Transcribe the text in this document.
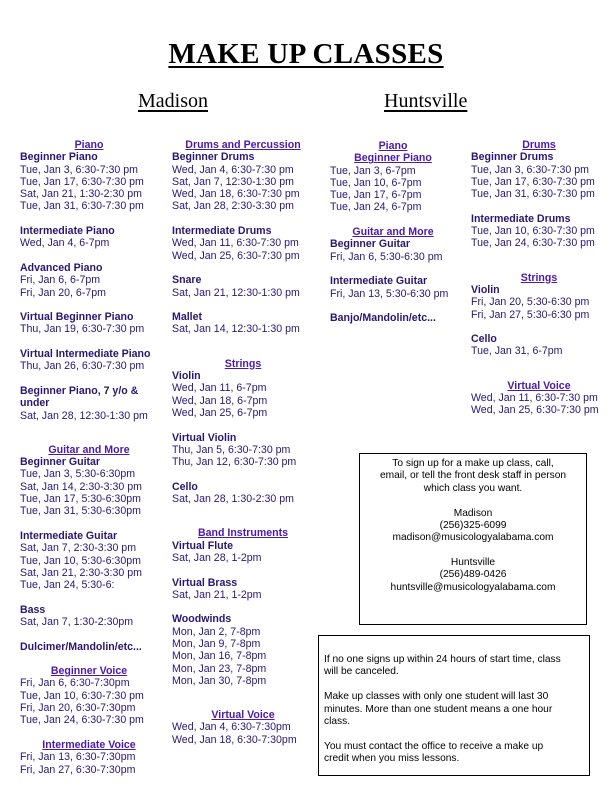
MAKE UP CLASSES
Madison	Huntsville
Piano
Beginner Piano
Tue, Jan 3, 6:30-7:30 pm
Tue, Jan 17, 6:30-7:30 pm
Sat, Jan 21, 1:30-2:30 pm
Tue, Jan 31, 6:30-7:30 pm
Intermediate Piano
Wed, Jan 4, 6-7pm
Advanced Piano
Fri, Jan 6, 6-7pm
Fri, Jan 20, 6-7pm
Virtual Beginner Piano
Thu, Jan 19, 6:30-7:30 pm
Virtual Intermediate Piano
Thu, Jan 26, 6:30-7:30 pm
Beginner Piano, 7 y/o &
under
Sat, Jan 28, 12:30-1:30 pm
Guitar and More
Beginner Guitar
Tue, Jan 3, 5:30-6:30pm
Sat, Jan 14, 2:30-3:30 pm
Tue, Jan 17, 5:30-6:30pm
Tue, Jan 31, 5:30-6:30pm
Intermediate Guitar
Sat, Jan 7, 2:30-3:30 pm
Tue, Jan 10, 5:30-6:30pm
Sat, Jan 21, 2:30-3:30 pm
Tue, Jan 24, 5:30-6:
Bass
Sat, Jan 7, 1:30-2:30pm
Dulcimer/Mandolin/etc...
Beginner Voice
Fri, Jan 6, 6:30-7:30pm
Tue, Jan 10, 6:30-7:30 pm
Fri, Jan 20, 6:30-7:30pm
Tue, Jan 24, 6:30-7:30 pm
Intermediate Voice
Fri, Jan 13, 6:30-7:30pm
Fri, Jan 27, 6:30-7:30pm
Drums and Percussion
Beginner Drums
Wed, Jan 4, 6:30-7:30 pm
Sat, Jan 7, 12:30-1:30 pm
Wed, Jan 18, 6:30-7:30 pm
Sat, Jan 28, 2:30-3:30 pm
Intermediate Drums
Wed, Jan 11, 6:30-7:30 pm
Wed, Jan 25, 6:30-7:30 pm
Snare
Sat, Jan 21, 12:30-1:30 pm
Mallet
Sat, Jan 14, 12:30-1:30 pm
Strings
Violin
Wed, Jan 11, 6-7pm
Wed, Jan 18, 6-7pm
Wed, Jan 25, 6-7pm
Virtual Violin
Thu, Jan 5, 6:30-7:30 pm
Thu, Jan 12, 6:30-7:30 pm
Cello
Sat, Jan 28, 1:30-2:30 pm
Band Instruments
Virtual Flute
Sat, Jan 28, 1-2pm
Virtual Brass
Sat, Jan 21, 1-2pm
Woodwinds
Mon, Jan 2, 7-8pm
Mon, Jan 9, 7-8pm
Mon, Jan 16, 7-8pm
Mon, Jan 23, 7-8pm
Mon, Jan 30, 7-8pm
Virtual Voice
Wed, Jan 4, 6:30-7:30pm
Wed, Jan 18, 6:30-7:30pm
Piano
Beginner Piano
Tue, Jan 3, 6-7pm
Tue, Jan 10, 6-7pm
Tue, Jan 17, 6-7pm
Tue, Jan 24, 6-7pm
Guitar and More
Beginner Guitar
Fri, Jan 6, 5:30-6:30 pm
Intermediate Guitar
Fri, Jan 13, 5:30-6:30 pm
Banjo/Mandolin/etc...
Drums
Beginner Drums
Tue, Jan 3, 6:30-7:30 pm
Tue, Jan 17, 6:30-7:30 pm
Tue, Jan 31, 6:30-7:30 pm
Intermediate Drums
Tue, Jan 10, 6:30-7:30 pm
Tue, Jan 24, 6:30-7:30 pm
Strings
Violin
Fri, Jan 20, 5:30-6:30 pm
Fri, Jan 27, 5:30-6:30 pm
Cello
Tue, Jan 31, 6-7pm
Virtual Voice
Wed, Jan 11, 6:30-7:30 pm
Wed, Jan 25, 6:30-7:30 pm
To sign up for a make up class, call,
email, or tell the front desk staff in person
which class you want.
Madison
(256)325-6099
madison@musicologyalabama.com
Huntsville
(256)489-0426
huntsville@musicologyalabama.com
If no one signs up within 24 hours of start time, class
will be canceled.
Make up classes with only one student will last 30
minutes. More than one student means a one hour
class.
You must contact the office to receive a make up
credit when you miss lessons.
